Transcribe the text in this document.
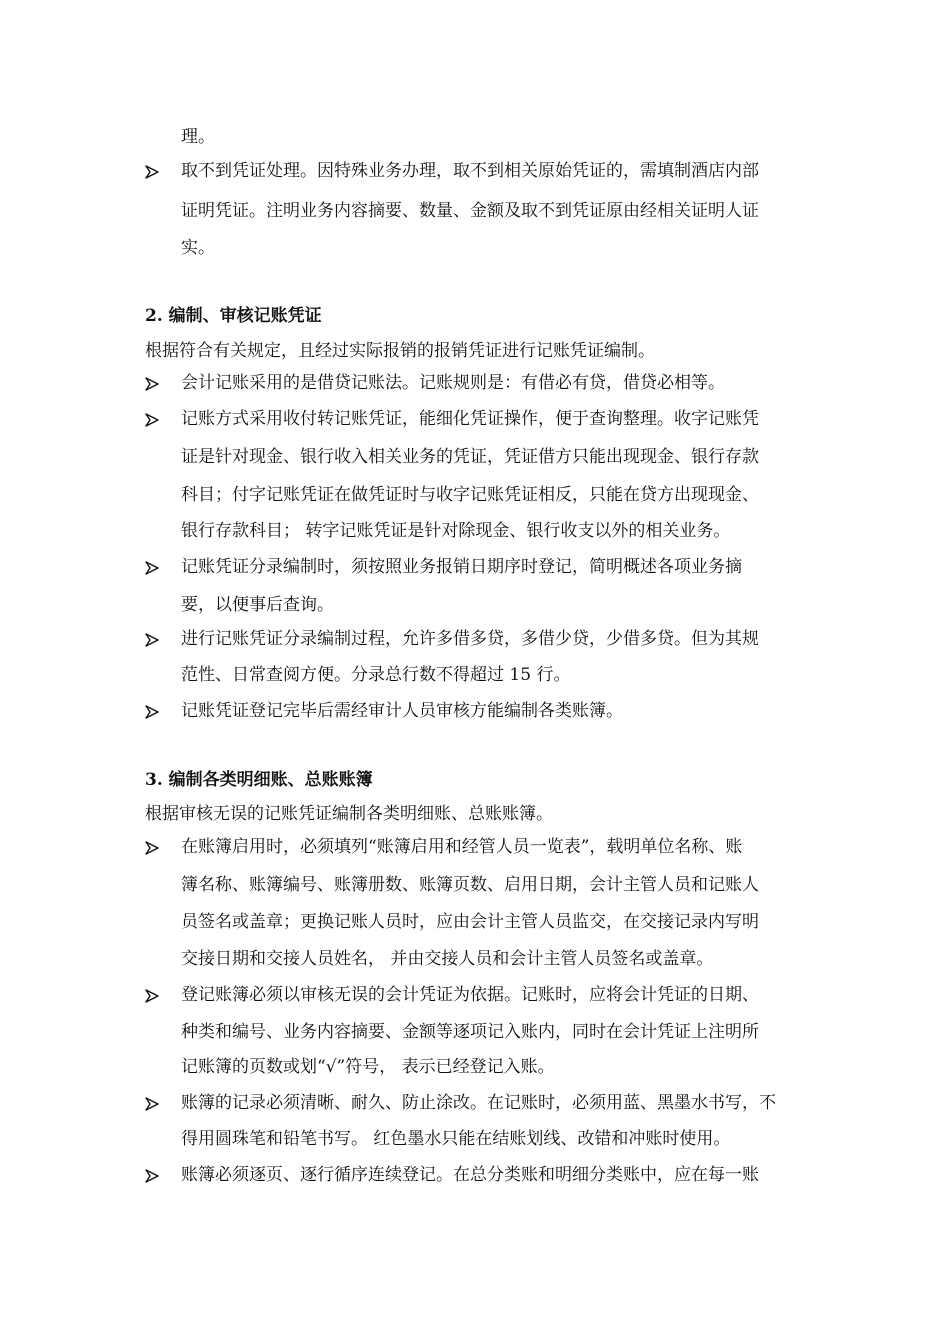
理。
取不到凭证处理。因特殊业务办理，取不到相关原始凭证的，需填制酒店内部
证明凭证。注明业务内容摘要、数量、金额及取不到凭证原由经相关证明人证
实。
2. 编制、审核记账凭证
根据符合有关规定，且经过实际报销的报销凭证进行记账凭证编制。
会计记账采用的是借贷记账法。记账规则是：有借必有贷，借贷必相等。
记账方式采用收付转记账凭证，能细化凭证操作，便于查询整理。收字记账凭
证是针对现金、银行收入相关业务的凭证，凭证借方只能出现现金、银行存款
科目；付字记账凭证在做凭证时与收字记账凭证相反，只能在贷方出现现金、
银行存款科目； 转字记账凭证是针对除现金、银行收支以外的相关业务。
记账凭证分录编制时，须按照业务报销日期序时登记，简明概述各项业务摘
要，以便事后查询。
进行记账凭证分录编制过程，允许多借多贷，多借少贷，少借多贷。但为其规
范性、日常查阅方便。分录总行数不得超过 15 行。
记账凭证登记完毕后需经审计人员审核方能编制各类账簿。
3. 编制各类明细账、总账账簿
根据审核无误的记账凭证编制各类明细账、总账账簿。
在账簿启用时，必须填列“账簿启用和经管人员一览表”，载明单位名称、账
簿名称、账簿编号、账簿册数、账簿页数、启用日期，会计主管人员和记账人
员签名或盖章；更换记账人员时，应由会计主管人员监交，在交接记录内写明
交接日期和交接人员姓名， 并由交接人员和会计主管人员签名或盖章。
登记账簿必须以审核无误的会计凭证为依据。记账时，应将会计凭证的日期、
种类和编号、业务内容摘要、金额等逐项记入账内，同时在会计凭证上注明所
记账簿的页数或划“√”符号， 表示已经登记入账。
账簿的记录必须清晰、耐久、防止涂改。在记账时，必须用蓝、黑墨水书写，不
得用圆珠笔和铅笔书写。 红色墨水只能在结账划线、改错和冲账时使用。
账簿必须逐页、逐行循序连续登记。在总分类账和明细分类账中，应在每一账
